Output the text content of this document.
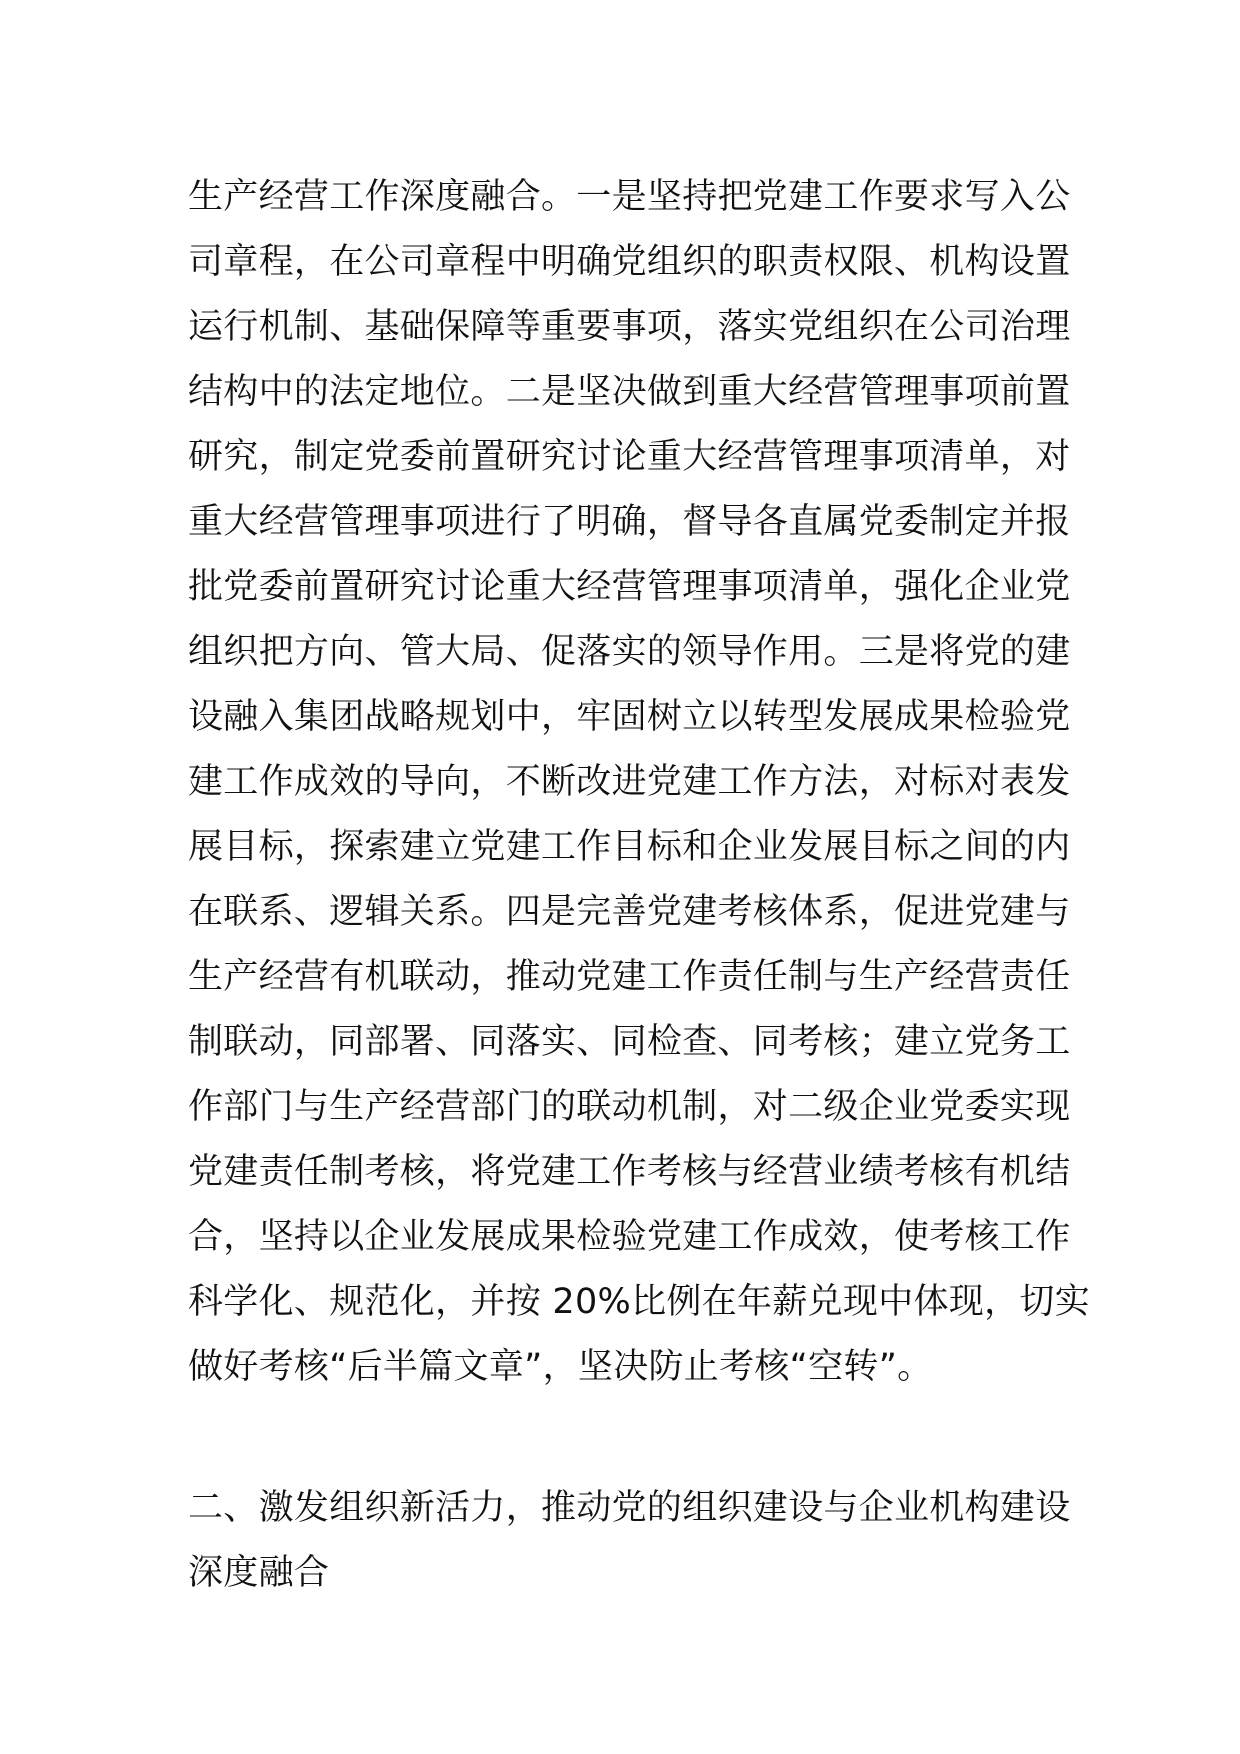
生产经营工作深度融合。一是坚持把党建工作要求写入公
司章程，在公司章程中明确党组织的职责权限、机构设置
运行机制、基础保障等重要事项，落实党组织在公司治理
结构中的法定地位。二是坚决做到重大经营管理事项前置
研究，制定党委前置研究讨论重大经营管理事项清单，对
重大经营管理事项进行了明确，督导各直属党委制定并报
批党委前置研究讨论重大经营管理事项清单，强化企业党
组织把方向、管大局、促落实的领导作用。三是将党的建
设融入集团战略规划中，牢固树立以转型发展成果检验党
建工作成效的导向，不断改进党建工作方法，对标对表发
展目标，探索建立党建工作目标和企业发展目标之间的内
在联系、逻辑关系。四是完善党建考核体系，促进党建与
生产经营有机联动，推动党建工作责任制与生产经营责任
制联动，同部署、同落实、同检查、同考核；建立党务工
作部门与生产经营部门的联动机制，对二级企业党委实现
党建责任制考核，将党建工作考核与经营业绩考核有机结
合，坚持以企业发展成果检验党建工作成效，使考核工作
科学化、规范化，并按 20%比例在年薪兑现中体现，切实
做好考核“后半篇文章”，坚决防止考核“空转”。
二、激发组织新活力，推动党的组织建设与企业机构建设
深度融合
